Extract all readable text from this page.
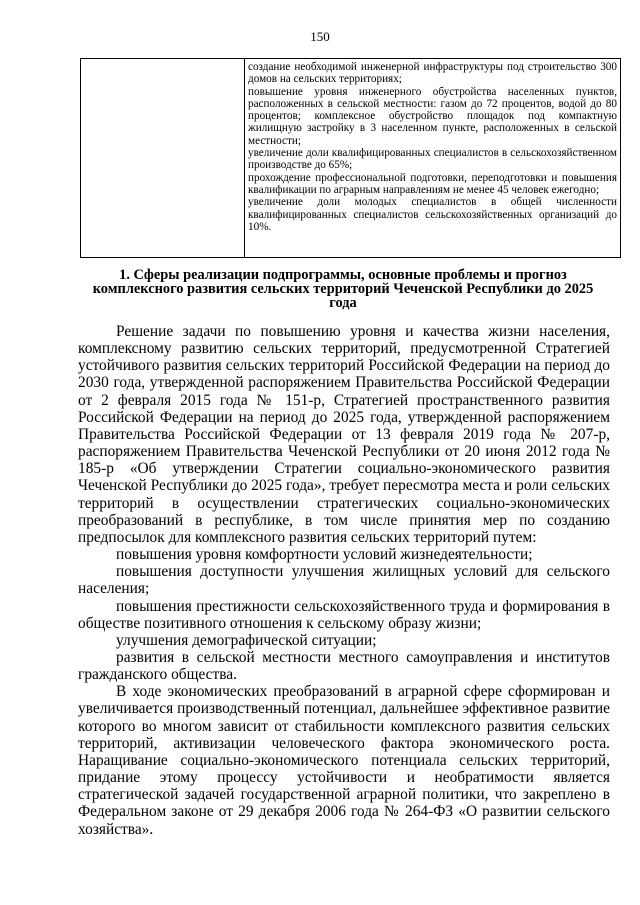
150

создание необходимой инженерной инфраструктуры под строительство 300 домов на сельских территориях;

повышение уровня инженерного обустройства населенных пунктов, расположенных в сельской местности: газом до 72 процентов, водой до 80 процентов; комплексное обустройство площадок под компактную жилищную застройку в 3 населенном пункте, расположенных в сельской местности;

увеличение доли квалифицированных специалистов в сельскохозяйственном производстве до 65%;

прохождение профессиональной подготовки, переподготовки и повышения квалификации по аграрным направлениям не менее 45 человек ежегодно;

увеличение доли молодых специалистов в общей численности квалифицированных специалистов сельскохозяйственных организаций до 10%.

1. Сферы реализации подпрограммы, основные проблемы и прогноз комплексного развития сельских территорий Чеченской Республики до 2025 года

Решение задачи по повышению уровня и качества жизни населения, комплексному развитию сельских территорий, предусмотренной Стратегией устойчивого развития сельских территорий Российской Федерации на период до 2030 года, утвержденной распоряжением Правительства Российской Федерации от 2 февраля 2015 года № 151-р, Стратегией пространственного развития Российской Федерации на период до 2025 года, утвержденной распоряжением Правительства Российской Федерации от 13 февраля 2019 года № 207-р, распоряжением Правительства Чеченской Республики от 20 июня 2012 года № 185-р «Об утверждении Стратегии социально-экономического развития Чеченской Республики до 2025 года», требует пересмотра места и роли сельских территорий в осуществлении стратегических социально-экономических преобразований в республике, в том числе принятия мер по созданию предпосылок для комплексного развития сельских территорий путем:

повышения уровня комфортности условий жизнедеятельности;

повышения доступности улучшения жилищных условий для сельского населения;

повышения престижности сельскохозяйственного труда и формирования в обществе позитивного отношения к сельскому образу жизни;

улучшения демографической ситуации;

развития в сельской местности местного самоуправления и институтов гражданского общества.

В ходе экономических преобразований в аграрной сфере сформирован и увеличивается производственный потенциал, дальнейшее эффективное развитие которого во многом зависит от стабильности комплексного развития сельских территорий, активизации человеческого фактора экономического роста. Наращивание социально-экономического потенциала сельских территорий, придание этому процессу устойчивости и необратимости является стратегической задачей государственной аграрной политики, что закреплено в Федеральном законе от 29 декабря 2006 года № 264-ФЗ «О развитии сельского хозяйства».
